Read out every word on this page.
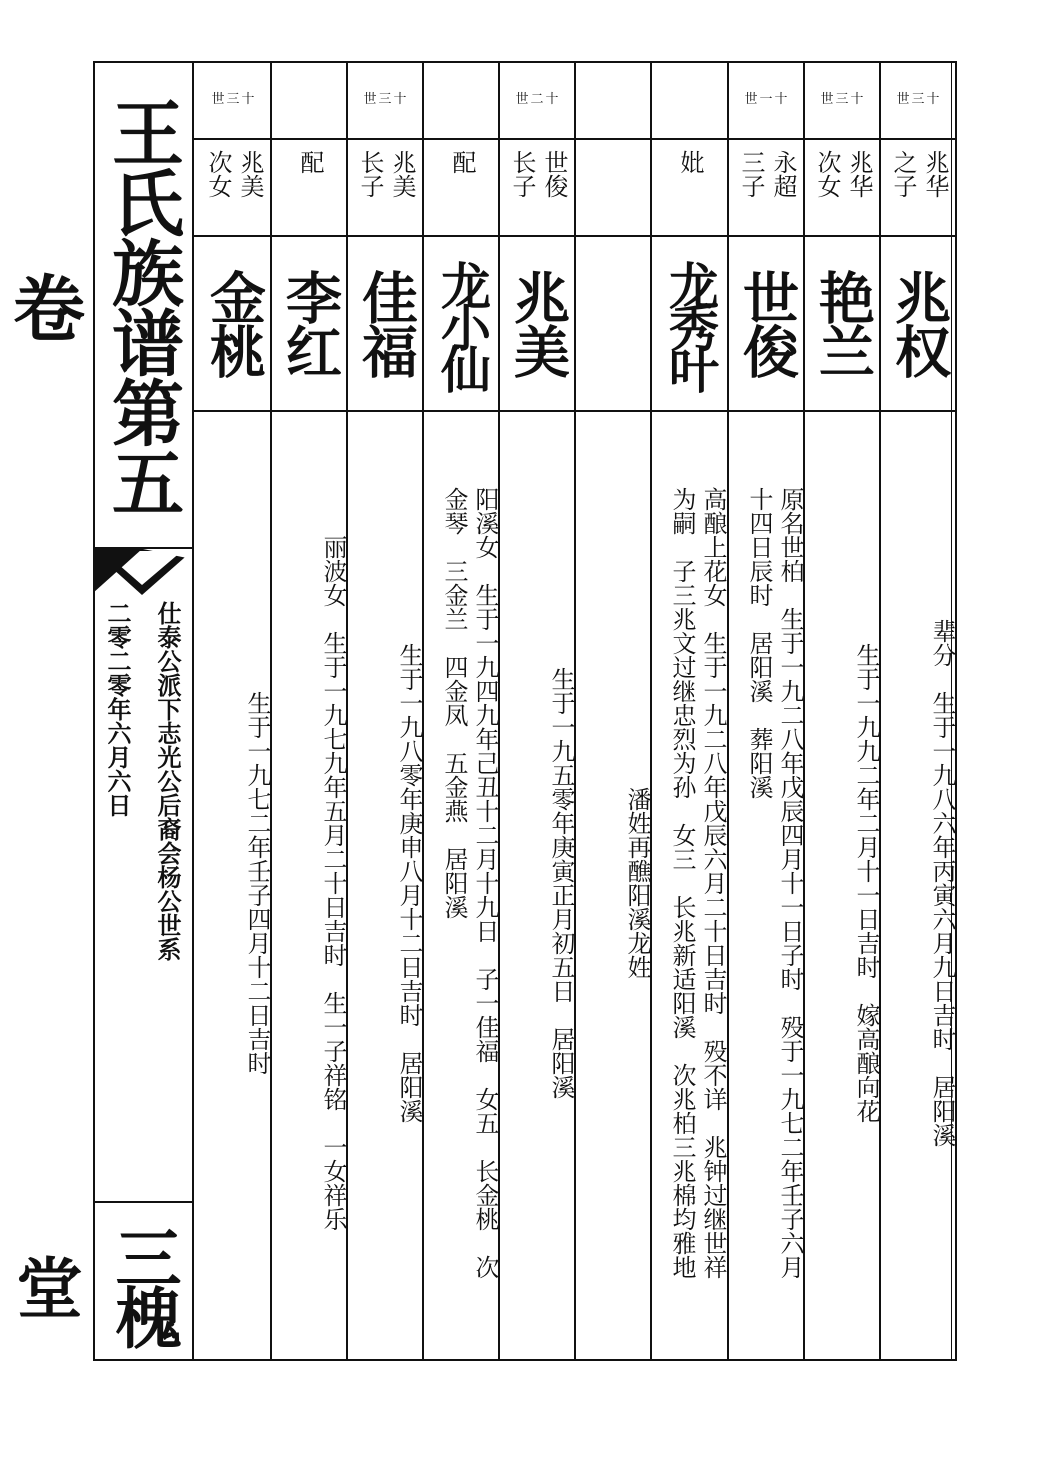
王氏族谱第五卷
仕泰公派下志光公后裔会杨公世系
二零二零年六月六日
三槐堂
世三十
兆华
之子
兆权
辈分　生于一九八六年丙寅六月九日吉时　居阳溪
世三十
兆华
次女
艳兰
生于一九九二年二月十一日吉时　嫁高酿向花
世一十
永超
三子
世俊
原名世柏　生于一九二八年戊辰四月十一日子时　殁于一九七二年壬子六月
十四日辰时　居阳溪　葬阳溪
妣
龙秀叶
高酿上花女　生于一九二八年戊辰六月二十日吉时　殁不详　兆钟过继世祥
为嗣　子三兆文过继忠烈为孙　女三　长兆新适阳溪　次兆柏三兆棉均雅地
潘姓再醮阳溪龙姓
世二十
世俊
长子
兆美
生于一九五零年庚寅正月初五日　居阳溪
配
龙小仙
阳溪女　生于一九四九年己丑十二月十九日　子一佳福　女五　长金桃　次
金琴　三金兰　四金凤　五金燕　居阳溪
世三十
兆美
长子
佳福
生于一九八零年庚申八月十二日吉时　居阳溪
配
李红
丽波女　生于一九七九年五月二十日吉时　生一子祥铭　一女祥乐
世三十
兆美
次女
金桃
生于一九七二年壬子四月十二日吉时
